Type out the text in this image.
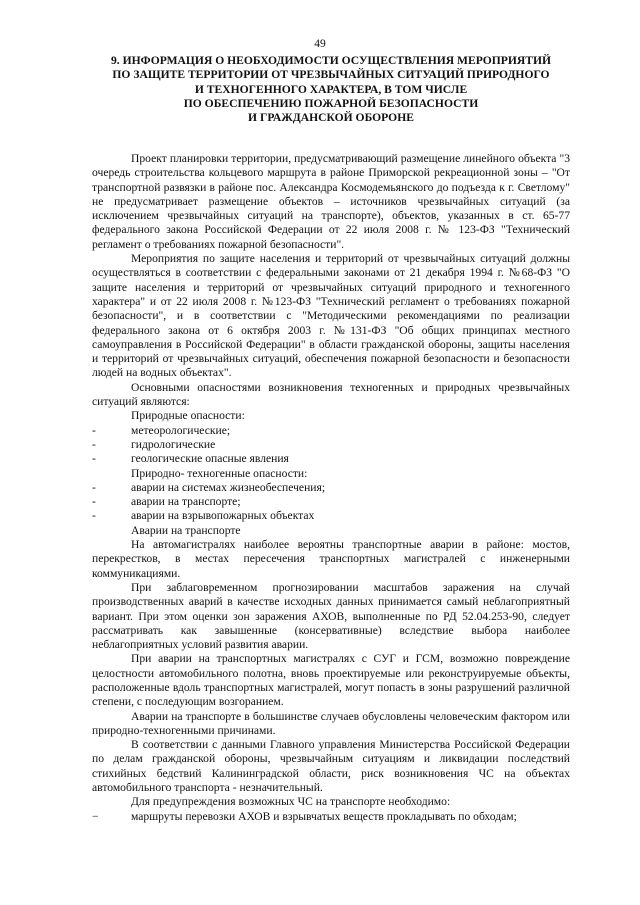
49
9. ИНФОРМАЦИЯ О НЕОБХОДИМОСТИ ОСУЩЕСТВЛЕНИЯ МЕРОПРИЯТИЙ
ПО ЗАЩИТЕ ТЕРРИТОРИИ ОТ ЧРЕЗВЫЧАЙНЫХ СИТУАЦИЙ ПРИРОДНОГО
И ТЕХНОГЕННОГО ХАРАКТЕРА, В ТОМ ЧИСЛЕ
ПО ОБЕСПЕЧЕНИЮ ПОЖАРНОЙ БЕЗОПАСНОСТИ
И ГРАЖДАНСКОЙ ОБОРОНЕ

Проект планировки территории, предусматривающий размещение линейного объекта "3 очередь строительства кольцевого маршрута в районе Приморской рекреационной зоны – "От транспортной развязки в районе пос. Александра Космодемьянского до подъезда к г. Светлому" не предусматривает размещение объектов – источников чрезвычайных ситуаций (за исключением чрезвычайных ситуаций на транспорте), объектов, указанных в ст. 65-77 федерального закона Российской Федерации от 22 июля 2008 г. № 123-ФЗ "Технический регламент о требованиях пожарной безопасности".

Мероприятия по защите населения и территорий от чрезвычайных ситуаций должны осуществляться в соответствии с федеральными законами от 21 декабря 1994 г. №68-ФЗ "О защите населения и территорий от чрезвычайных ситуаций природного и техногенного характера" и от 22 июля 2008 г. №123-ФЗ "Технический регламент о требованиях пожарной безопасности", и в соответствии с "Методическими рекомендациями по реализации федерального закона от 6 октября 2003 г. №131-ФЗ "Об общих принципах местного самоуправления в Российской Федерации" в области гражданской обороны, защиты населения и территорий от чрезвычайных ситуаций, обеспечения пожарной безопасности и безопасности людей на водных объектах".

Основными опасностями возникновения техногенных и природных чрезвычайных ситуаций являются:

Природные опасности:

-	метеорологические;
-	гидрологические
-	геологические опасные явления

Природно- техногенные опасности:

-	аварии на системах жизнеобеспечения;
-	аварии на транспорте;
-	аварии на взрывопожарных объектах

Аварии на транспорте

На автомагистралях наиболее вероятны транспортные аварии в районе: мостов, перекрестков, в местах пересечения транспортных магистралей с инженерными коммуникациями.

При заблаговременном прогнозировании масштабов заражения на случай производственных аварий в качестве исходных данных принимается самый неблагоприятный вариант. При этом оценки зон заражения АХОВ, выполненные по РД 52.04.253-90, следует рассматривать как завышенные (консервативные) вследствие выбора наиболее неблагоприятных условий развития аварии.

При аварии на транспортных магистралях с СУГ и ГСМ, возможно повреждение целостности автомобильного полотна, вновь проектируемые или реконструируемые объекты, расположенные вдоль транспортных магистралей, могут попасть в зоны разрушений различной степени, с последующим возгоранием.

Аварии на транспорте в большинстве случаев обусловлены человеческим фактором или природно-техногенными причинами.

В соответствии с данными Главного управления Министерства Российской Федерации по делам гражданской обороны, чрезвычайным ситуациям и ликвидации последствий стихийных бедствий Калининградской области, риск возникновения ЧС на объектах автомобильного транспорта - незначительный.

Для предупреждения возможных ЧС на транспорте необходимо:

−	маршруты перевозки АХОВ и взрывчатых веществ прокладывать по обходам;
